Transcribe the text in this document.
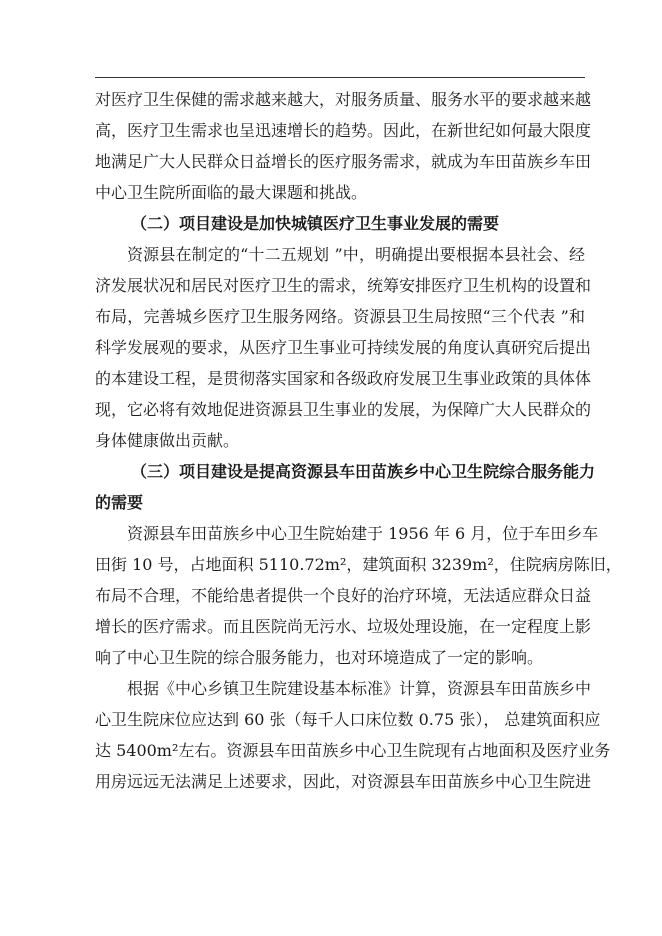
对医疗卫生保健的需求越来越大，对服务质量、服务水平的要求越来越
高，医疗卫生需求也呈迅速增长的趋势。因此，在新世纪如何最大限度
地满足广大人民群众日益增长的医疗服务需求，就成为车田苗族乡车田
中心卫生院所面临的最大课题和挑战。
（二）项目建设是加快城镇医疗卫生事业发展的需要
资源县在制定的“十二五规划 ”中，明确提出要根据本县社会、经
济发展状况和居民对医疗卫生的需求，统筹安排医疗卫生机构的设置和
布局，完善城乡医疗卫生服务网络。资源县卫生局按照“三个代表 ”和
科学发展观的要求，从医疗卫生事业可持续发展的角度认真研究后提出
的本建设工程，是贯彻落实国家和各级政府发展卫生事业政策的具体体
现，它必将有效地促进资源县卫生事业的发展，为保障广大人民群众的
身体健康做出贡献。
（三）项目建设是提高资源县车田苗族乡中心卫生院综合服务能力
的需要
资源县车田苗族乡中心卫生院始建于 1956 年 6 月，位于车田乡车
田街 10 号，占地面积 5110.72m²，建筑面积 3239m²，住院病房陈旧，
布局不合理，不能给患者提供一个良好的治疗环境，无法适应群众日益
增长的医疗需求。而且医院尚无污水、垃圾处理设施，在一定程度上影
响了中心卫生院的综合服务能力，也对环境造成了一定的影响。
根据《中心乡镇卫生院建设基本标准》计算，资源县车田苗族乡中
心卫生院床位应达到 60 张（每千人口床位数 0.75 张）， 总建筑面积应
达 5400m²左右。资源县车田苗族乡中心卫生院现有占地面积及医疗业务
用房远远无法满足上述要求，因此，对资源县车田苗族乡中心卫生院进
